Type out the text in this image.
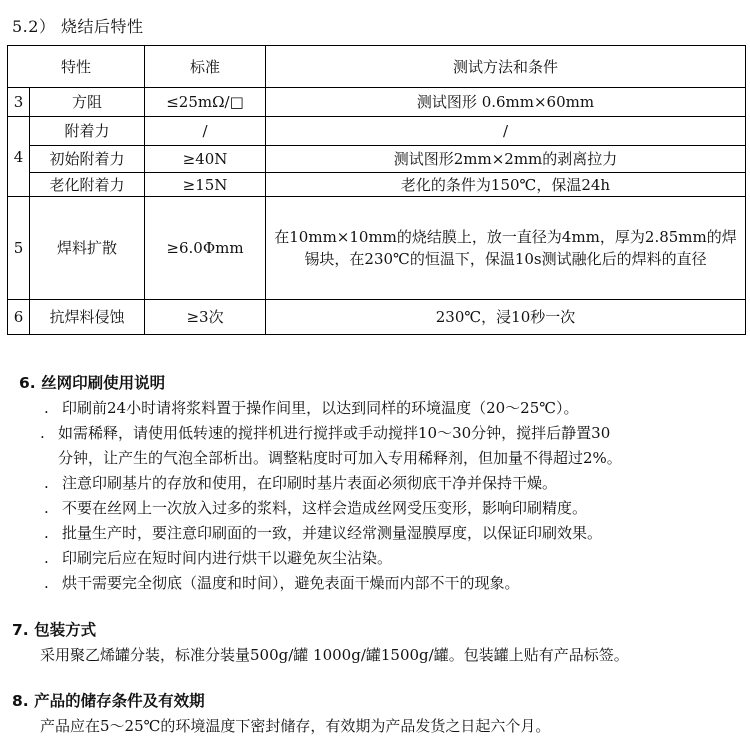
5.2） 烧结后特性
特性		标准	测试方法和条件
3	方阻	≤25mΩ/□	测试图形 0.6mm×60mm
4	附着力	/	/
	初始附着力	≥40N	测试图形2mm×2mm的剥离拉力
	老化附着力	≥15N	老化的条件为150℃，保温24h
5	焊料扩散	≥6.0Φmm	在10mm×10mm的烧结膜上，放一直径为4mm，厚为2.85mm的焊锡块，在230℃的恒温下，保温10s测试融化后的焊料的直径
6	抗焊料侵蚀	≥3次	230℃，浸10秒一次
6. 丝网印刷使用说明
. 印刷前24小时请将浆料置于操作间里，以达到同样的环境温度（20～25℃）。
. 如需稀释，请使用低转速的搅拌机进行搅拌或手动搅拌10～30分钟，搅拌后静置30
分钟，让产生的气泡全部析出。调整粘度时可加入专用稀释剂，但加量不得超过2%。
. 注意印刷基片的存放和使用，在印刷时基片表面必须彻底干净并保持干燥。
. 不要在丝网上一次放入过多的浆料，这样会造成丝网受压变形，影响印刷精度。
. 批量生产时，要注意印刷面的一致，并建议经常测量湿膜厚度，以保证印刷效果。
. 印刷完后应在短时间内进行烘干以避免灰尘沾染。
. 烘干需要完全彻底（温度和时间），避免表面干燥而内部不干的现象。
7. 包装方式
采用聚乙烯罐分装，标准分装量500g/罐 1000g/罐1500g/罐。包装罐上贴有产品标签。
8. 产品的储存条件及有效期
产品应在5～25℃的环境温度下密封储存，有效期为产品发货之日起六个月。
